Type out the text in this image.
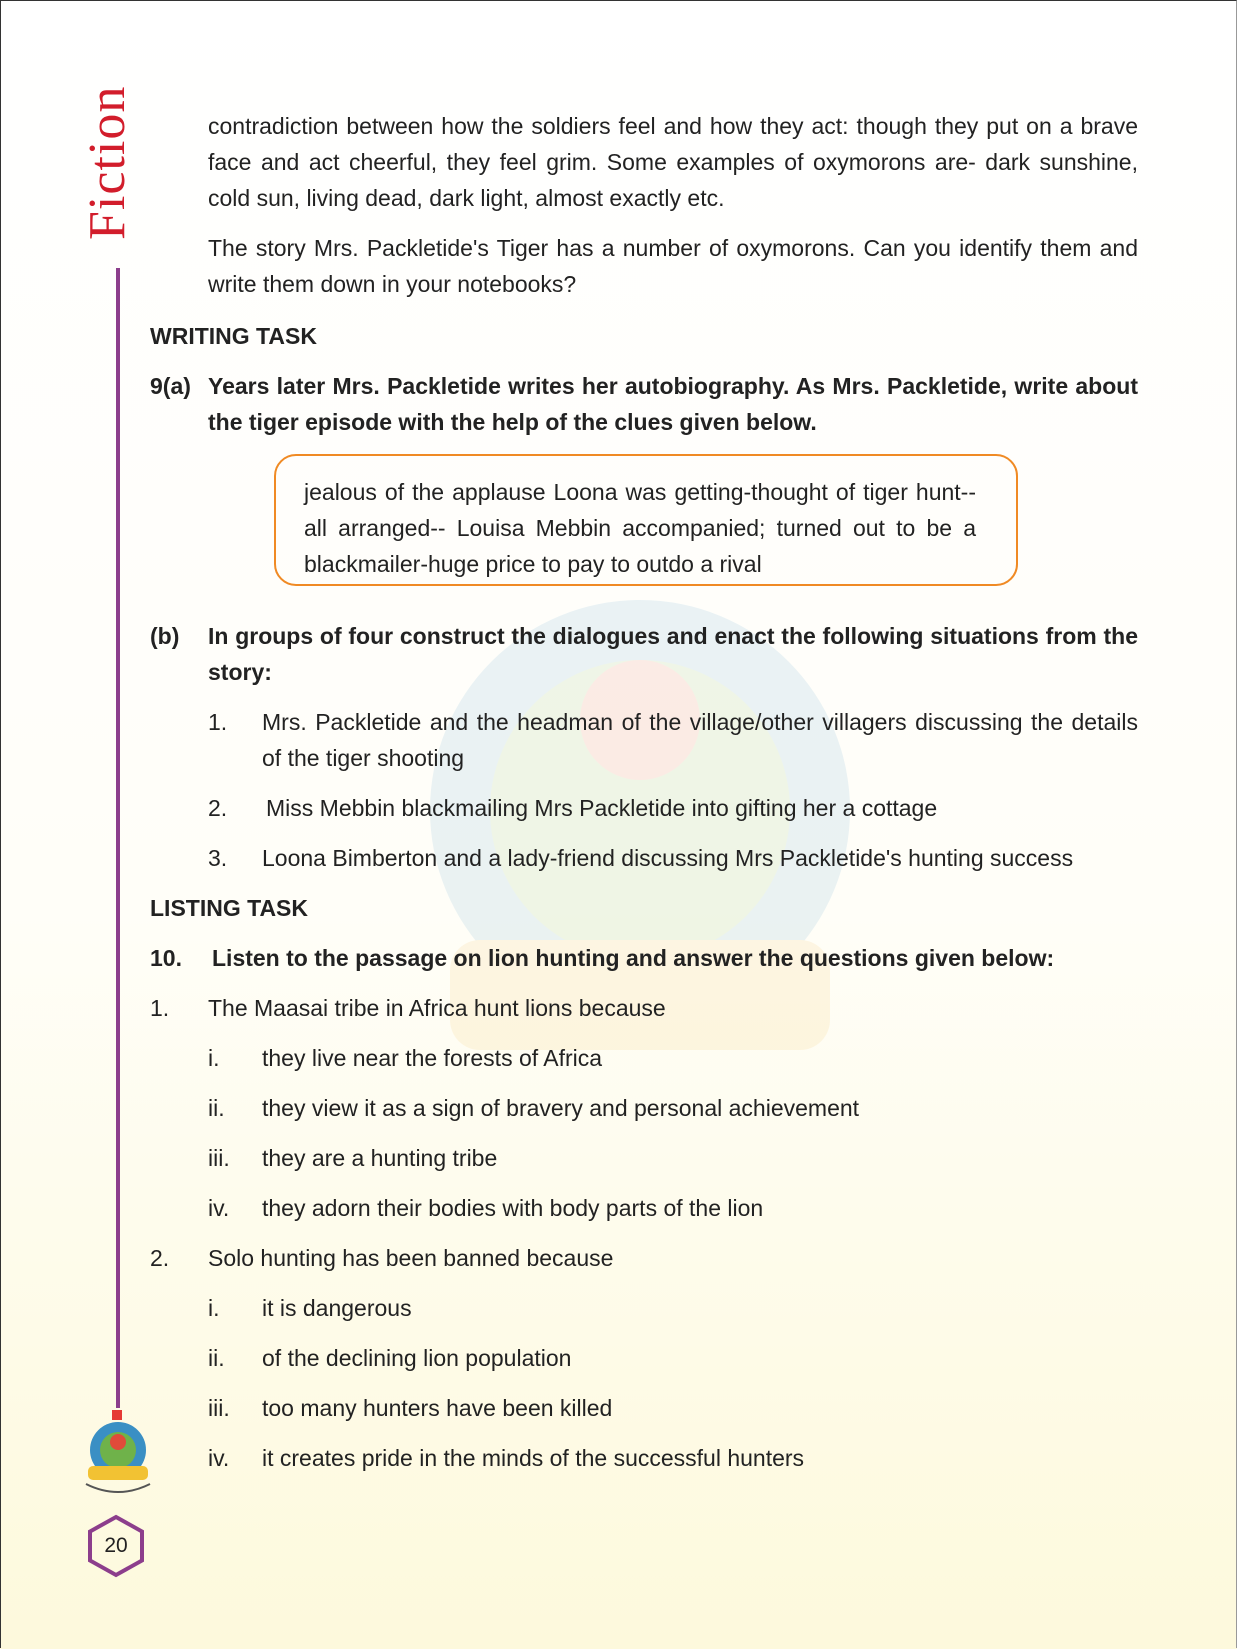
Fiction
20
contradiction between how the soldiers feel and how they act: though they put on a brave face and act cheerful, they feel grim. Some examples of oxymorons are- dark sunshine, cold sun, living dead, dark light, almost exactly etc.
The story Mrs. Packletide's Tiger has a number of oxymorons. Can you identify them and write them down in your notebooks?
WRITING TASK
9(a) Years later Mrs. Packletide writes her autobiography. As Mrs. Packletide, write about the tiger episode with the help of the clues given below.
jealous of the applause Loona was getting-thought of tiger hunt--all arranged-- Louisa Mebbin accompanied; turned out to be a blackmailer-huge price to pay to outdo a rival
(b) In groups of four construct the dialogues and enact the following situations from the story:
1. Mrs. Packletide and the headman of the village/other villagers discussing the details of the tiger shooting
2. Miss Mebbin blackmailing Mrs Packletide into gifting her a cottage
3. Loona Bimberton and a lady-friend discussing Mrs Packletide's hunting success
LISTING TASK
10. Listen to the passage on lion hunting and answer the questions given below:
1. The Maasai tribe in Africa hunt lions because
i. they live near the forests of Africa
ii. they view it as a sign of bravery and personal achievement
iii. they are a hunting tribe
iv. they adorn their bodies with body parts of the lion
2. Solo hunting has been banned because
i. it is dangerous
ii. of the declining lion population
iii. too many hunters have been killed
iv. it creates pride in the minds of the successful hunters
